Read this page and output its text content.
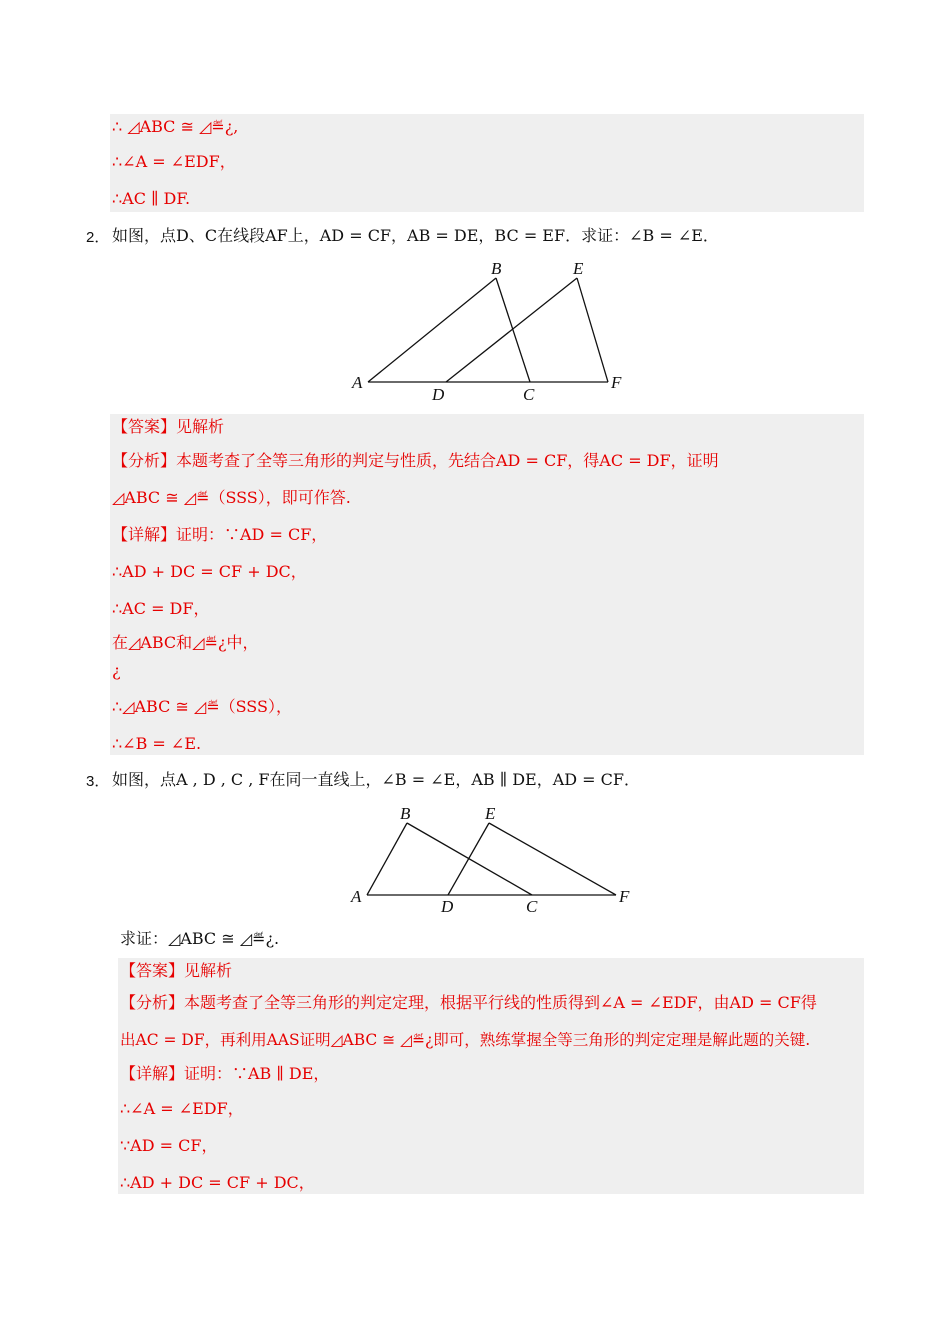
∴ ◿ABC ≅ ◿≝¿,
∴∠A = ∠EDF，
∴AC ∥ DF.
2． 如图，点D、C在线段AF上，AD = CF，AB = DE，BC = EF．求证：∠B = ∠E．
B	E
A
D	C
F
【答案】见解析
【分析】本题考查了全等三角形的判定与性质，先结合AD = CF，得AC = DF，证明
◿ABC ≅ ◿≝（SSS），即可作答.
【详解】证明：∵AD = CF，
∴AD + DC = CF + DC，
∴AC = DF，
在◿ABC和◿≝¿中，
¿
∴◿ABC ≅ ◿≝（SSS），
∴∠B = ∠E.
3． 如图，点A , D , C , F在同一直线上，∠B = ∠E，AB ∥ DE，AD = CF．
B	E
A
D	C
F
求证：◿ABC ≅ ◿≝¿.
【答案】见解析
【分析】本题考查了全等三角形的判定定理，根据平行线的性质得到∠A = ∠EDF，由AD = CF得
出AC = DF，再利用AAS证明◿ABC ≅ ◿≝¿即可，熟练掌握全等三角形的判定定理是解此题的关键.
【详解】证明：∵AB ∥ DE，
∴∠A = ∠EDF，
∵AD = CF，
∴AD + DC = CF + DC，
